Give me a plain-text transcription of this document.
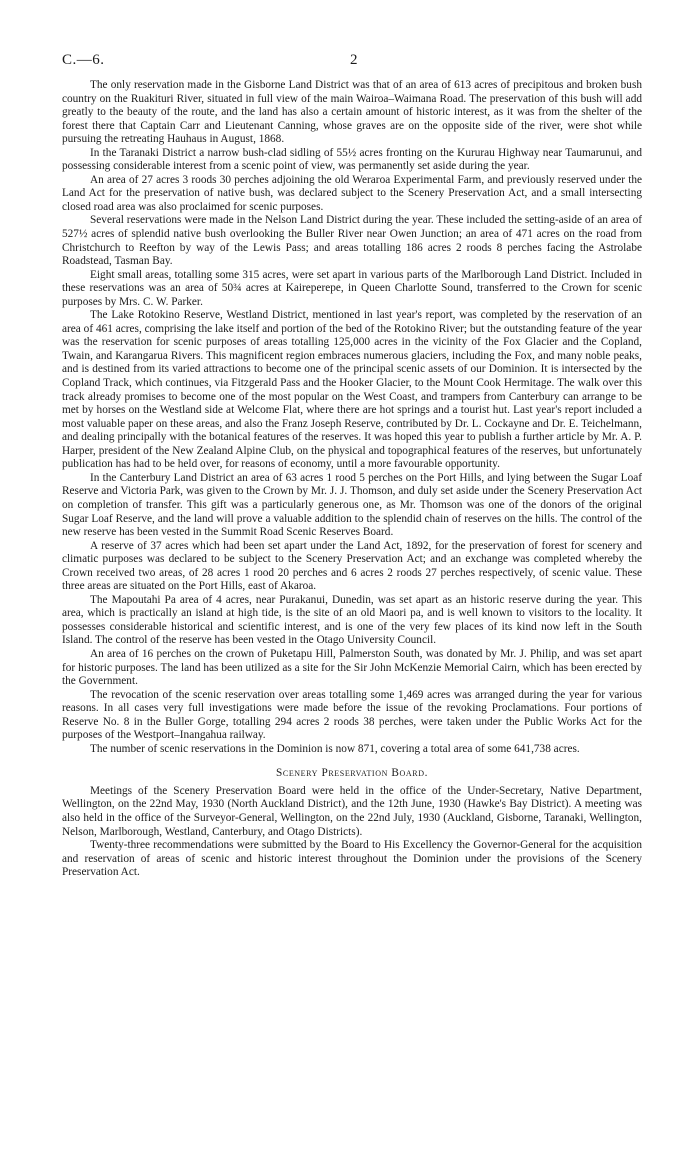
C.—6.	2

The only reservation made in the Gisborne Land District was that of an area of 613 acres of precipitous and broken bush country on the Ruakituri River, situated in full view of the main Wairoa–Waimana Road. The preservation of this bush will add greatly to the beauty of the route, and the land has also a certain amount of historic interest, as it was from the shelter of the forest there that Captain Carr and Lieutenant Canning, whose graves are on the opposite side of the river, were shot while pursuing the retreating Hauhaus in August, 1868.

In the Taranaki District a narrow bush-clad sidling of 55½ acres fronting on the Kururau Highway near Taumarunui, and possessing considerable interest from a scenic point of view, was permanently set aside during the year.

An area of 27 acres 3 roods 30 perches adjoining the old Weraroa Experimental Farm, and previously reserved under the Land Act for the preservation of native bush, was declared subject to the Scenery Preservation Act, and a small intersecting closed road area was also proclaimed for scenic purposes.

Several reservations were made in the Nelson Land District during the year. These included the setting-aside of an area of 527½ acres of splendid native bush overlooking the Buller River near Owen Junction; an area of 471 acres on the road from Christchurch to Reefton by way of the Lewis Pass; and areas totalling 186 acres 2 roods 8 perches facing the Astrolabe Roadstead, Tasman Bay.

Eight small areas, totalling some 315 acres, were set apart in various parts of the Marlborough Land District. Included in these reservations was an area of 50¾ acres at Kaireperepe, in Queen Charlotte Sound, transferred to the Crown for scenic purposes by Mrs. C. W. Parker.

The Lake Rotokino Reserve, Westland District, mentioned in last year's report, was completed by the reservation of an area of 461 acres, comprising the lake itself and portion of the bed of the Rotokino River; but the outstanding feature of the year was the reservation for scenic purposes of areas totalling 125,000 acres in the vicinity of the Fox Glacier and the Copland, Twain, and Karangarua Rivers. This magnificent region embraces numerous glaciers, including the Fox, and many noble peaks, and is destined from its varied attractions to become one of the principal scenic assets of our Dominion. It is intersected by the Copland Track, which continues, via Fitzgerald Pass and the Hooker Glacier, to the Mount Cook Hermitage. The walk over this track already promises to become one of the most popular on the West Coast, and trampers from Canterbury can arrange to be met by horses on the Westland side at Welcome Flat, where there are hot springs and a tourist hut. Last year's report included a most valuable paper on these areas, and also the Franz Joseph Reserve, contributed by Dr. L. Cockayne and Dr. E. Teichelmann, and dealing principally with the botanical features of the reserves. It was hoped this year to publish a further article by Mr. A. P. Harper, president of the New Zealand Alpine Club, on the physical and topographical features of the reserves, but unfortunately publication has had to be held over, for reasons of economy, until a more favourable opportunity.

In the Canterbury Land District an area of 63 acres 1 rood 5 perches on the Port Hills, and lying between the Sugar Loaf Reserve and Victoria Park, was given to the Crown by Mr. J. J. Thomson, and duly set aside under the Scenery Preservation Act on completion of transfer. This gift was a particularly generous one, as Mr. Thomson was one of the donors of the original Sugar Loaf Reserve, and the land will prove a valuable addition to the splendid chain of reserves on the hills. The control of the new reserve has been vested in the Summit Road Scenic Reserves Board.

A reserve of 37 acres which had been set apart under the Land Act, 1892, for the preservation of forest for scenery and climatic purposes was declared to be subject to the Scenery Preservation Act; and an exchange was completed whereby the Crown received two areas, of 28 acres 1 rood 20 perches and 6 acres 2 roods 27 perches respectively, of scenic value. These three areas are situated on the Port Hills, east of Akaroa.

The Mapoutahi Pa area of 4 acres, near Purakanui, Dunedin, was set apart as an historic reserve during the year. This area, which is practically an island at high tide, is the site of an old Maori pa, and is well known to visitors to the locality. It possesses considerable historical and scientific interest, and is one of the very few places of its kind now left in the South Island. The control of the reserve has been vested in the Otago University Council.

An area of 16 perches on the crown of Puketapu Hill, Palmerston South, was donated by Mr. J. Philip, and was set apart for historic purposes. The land has been utilized as a site for the Sir John McKenzie Memorial Cairn, which has been erected by the Government.

The revocation of the scenic reservation over areas totalling some 1,469 acres was arranged during the year for various reasons. In all cases very full investigations were made before the issue of the revoking Proclamations. Four portions of Reserve No. 8 in the Buller Gorge, totalling 294 acres 2 roods 38 perches, were taken under the Public Works Act for the purposes of the Westport–Inangahua railway.

The number of scenic reservations in the Dominion is now 871, covering a total area of some 641,738 acres.

Scenery Preservation Board.

Meetings of the Scenery Preservation Board were held in the office of the Under-Secretary, Native Department, Wellington, on the 22nd May, 1930 (North Auckland District), and the 12th June, 1930 (Hawke's Bay District). A meeting was also held in the office of the Surveyor-General, Wellington, on the 22nd July, 1930 (Auckland, Gisborne, Taranaki, Wellington, Nelson, Marlborough, Westland, Canterbury, and Otago Districts).

Twenty-three recommendations were submitted by the Board to His Excellency the Governor-General for the acquisition and reservation of areas of scenic and historic interest throughout the Dominion under the provisions of the Scenery Preservation Act.
